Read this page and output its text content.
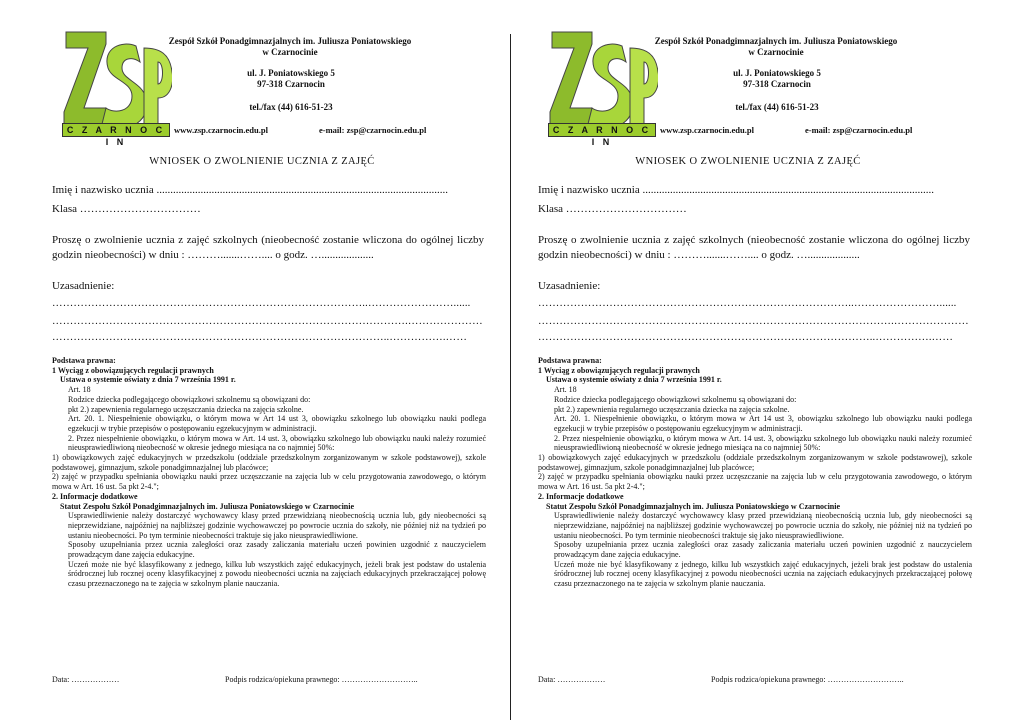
C Z A R N O C I N
Zespół Szkół Ponadgimnazjalnych im. Juliusza Poniatowskiego
w Czarnocinie
ul. J. Poniatowskiego 5
97-318 Czarnocin
tel./fax (44) 616-51-23
www.zsp.czarnocin.edu.pl	e-mail: zsp@czarnocin.edu.pl
WNIOSEK O ZWOLNIENIE UCZNIA Z ZAJĘĆ
Imię i nazwisko ucznia ..........................................................................................................
Klasa ……………………………
Proszę o zwolnienie ucznia z zajęć szkolnych (nieobecność zostanie wliczona do ogólnej liczby godzin nieobecności) w dniu : ……….......…….... o godz. …...................
Uzasadnienie:
……………………………………………………………………………..……………………......
……………………………………………………………………………………….…………………
…………………………………………………………………………………..…………….……

Podstawa prawna:

1 Wyciąg z obowiązujących regulacji prawnych

Ustawa o systemie oświaty z dnia 7 września 1991 r.

Art. 18

Rodzice dziecka podlegającego obowiązkowi szkolnemu są obowiązani do:

pkt 2.) zapewnienia regularnego uczęszczania dziecka na zajęcia szkolne.

Art. 20. 1. Niespełnienie obowiązku, o którym mowa w Art 14 ust 3, obowiązku szkolnego lub obowiązku nauki podlega egzekucji w trybie przepisów o postępowaniu egzekucyjnym w administracji.

2. Przez niespełnienie obowiązku, o którym mowa w Art. 14 ust. 3, obowiązku szkolnego lub obowiązku nauki należy rozumieć nieusprawiedliwioną nieobecność w okresie jednego miesiąca na co najmniej 50%:

1) obowiązkowych zajęć edukacyjnych w przedszkolu (oddziale przedszkolnym zorganizowanym w szkole podstawowej), szkole podstawowej, gimnazjum, szkole ponadgimnazjalnej lub placówce;

2) zajęć w przypadku spełniania obowiązku nauki przez uczęszczanie na zajęcia lub w celu przygotowania zawodowego, o którym mowa w Art. 16 ust. 5a pkt 2-4.";

2. Informacje dodatkowe

Statut Zespołu Szkół Ponadgimnazjalnych im. Juliusza Poniatowskiego w Czarnocinie

Usprawiedliwienie należy dostarczyć wychowawcy klasy przed przewidzianą nieobecnością ucznia lub, gdy nieobecności są nieprzewidziane, najpóźniej na najbliższej godzinie wychowawczej po powrocie ucznia do szkoły, nie później niż na tydzień po ustaniu nieobecności. Po tym terminie nieobecności traktuje się jako nieusprawiedliwione.

Sposoby uzupełniania przez ucznia zaległości oraz zasady zaliczania materiału uczeń powinien uzgodnić z nauczycielem prowadzącym dane zajęcia edukacyjne.

Uczeń może nie być klasyfikowany z jednego, kilku lub wszystkich zajęć edukacyjnych, jeżeli brak jest podstaw do ustalenia śródrocznej lub rocznej oceny klasyfikacyjnej z powodu nieobecności ucznia na zajęciach edukacyjnych przekraczającej połowę czasu przeznaczonego na te zajęcia w szkolnym planie nauczania.

Data: ………………	Podpis rodzica/opiekuna prawnego: ………………………..
C Z A R N O C I N
Zespół Szkół Ponadgimnazjalnych im. Juliusza Poniatowskiego
w Czarnocinie
ul. J. Poniatowskiego 5
97-318 Czarnocin
tel./fax (44) 616-51-23
www.zsp.czarnocin.edu.pl	e-mail: zsp@czarnocin.edu.pl
WNIOSEK O ZWOLNIENIE UCZNIA Z ZAJĘĆ
Imię i nazwisko ucznia ..........................................................................................................
Klasa ……………………………
Proszę o zwolnienie ucznia z zajęć szkolnych (nieobecność zostanie wliczona do ogólnej liczby godzin nieobecności) w dniu : ……….......…….... o godz. …...................
Uzasadnienie:
……………………………………………………………………………..……………………......
……………………………………………………………………………………….…………………
…………………………………………………………………………………..…………….……

Podstawa prawna:

1 Wyciąg z obowiązujących regulacji prawnych

Ustawa o systemie oświaty z dnia 7 września 1991 r.

Art. 18

Rodzice dziecka podlegającego obowiązkowi szkolnemu są obowiązani do:

pkt 2.) zapewnienia regularnego uczęszczania dziecka na zajęcia szkolne.

Art. 20. 1. Niespełnienie obowiązku, o którym mowa w Art 14 ust 3, obowiązku szkolnego lub obowiązku nauki podlega egzekucji w trybie przepisów o postępowaniu egzekucyjnym w administracji.

2. Przez niespełnienie obowiązku, o którym mowa w Art. 14 ust. 3, obowiązku szkolnego lub obowiązku nauki należy rozumieć nieusprawiedliwioną nieobecność w okresie jednego miesiąca na co najmniej 50%:

1) obowiązkowych zajęć edukacyjnych w przedszkolu (oddziale przedszkolnym zorganizowanym w szkole podstawowej), szkole podstawowej, gimnazjum, szkole ponadgimnazjalnej lub placówce;

2) zajęć w przypadku spełniania obowiązku nauki przez uczęszczanie na zajęcia lub w celu przygotowania zawodowego, o którym mowa w Art. 16 ust. 5a pkt 2-4.";

2. Informacje dodatkowe

Statut Zespołu Szkół Ponadgimnazjalnych im. Juliusza Poniatowskiego w Czarnocinie

Usprawiedliwienie należy dostarczyć wychowawcy klasy przed przewidzianą nieobecnością ucznia lub, gdy nieobecności są nieprzewidziane, najpóźniej na najbliższej godzinie wychowawczej po powrocie ucznia do szkoły, nie później niż na tydzień po ustaniu nieobecności. Po tym terminie nieobecności traktuje się jako nieusprawiedliwione.

Sposoby uzupełniania przez ucznia zaległości oraz zasady zaliczania materiału uczeń powinien uzgodnić z nauczycielem prowadzącym dane zajęcia edukacyjne.

Uczeń może nie być klasyfikowany z jednego, kilku lub wszystkich zajęć edukacyjnych, jeżeli brak jest podstaw do ustalenia śródrocznej lub rocznej oceny klasyfikacyjnej z powodu nieobecności ucznia na zajęciach edukacyjnych przekraczającej połowę czasu przeznaczonego na te zajęcia w szkolnym planie nauczania.

Data: ………………	Podpis rodzica/opiekuna prawnego: ………………………..
